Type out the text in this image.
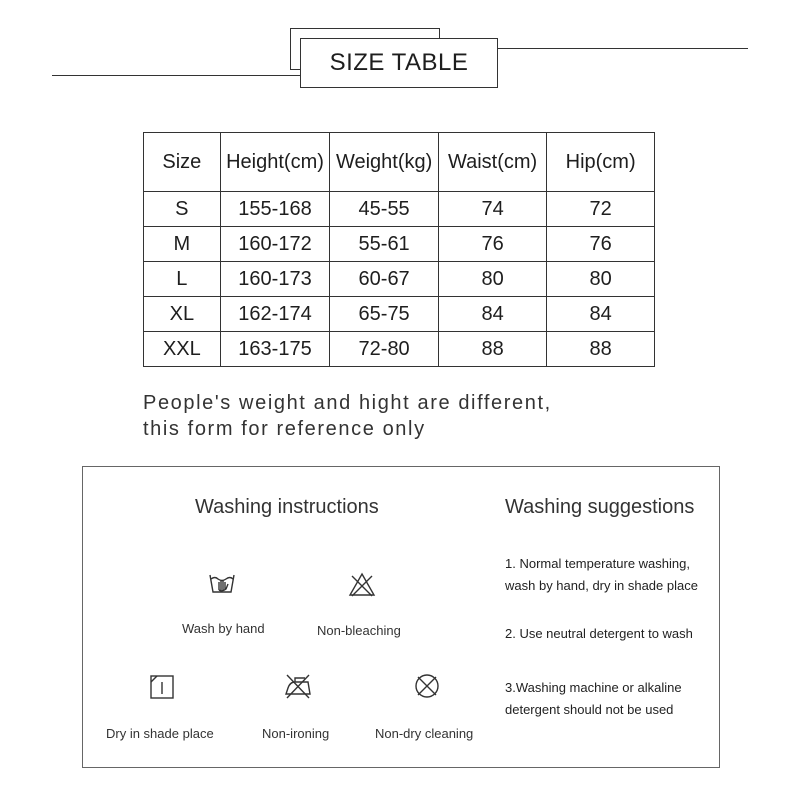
SIZE TABLE
Size	Height(cm)	Weight(kg)	Waist(cm)	Hip(cm)
S	155-168	45-55	74	72
M	160-172	55-61	76	76
L	160-173	60-67	80	80
XL	162-174	65-75	84	84
XXL	163-175	72-80	88	88
People's weight and hight are different,
this form for reference only
Washing instructions	Washing suggestions
Wash by hand	Non-bleaching
Dry in shade place	Non-ironing	Non-dry cleaning
1. Normal temperature washing,
wash by hand, dry in shade place
2. Use neutral detergent to wash
3.Washing machine or alkaline
detergent should not be used
